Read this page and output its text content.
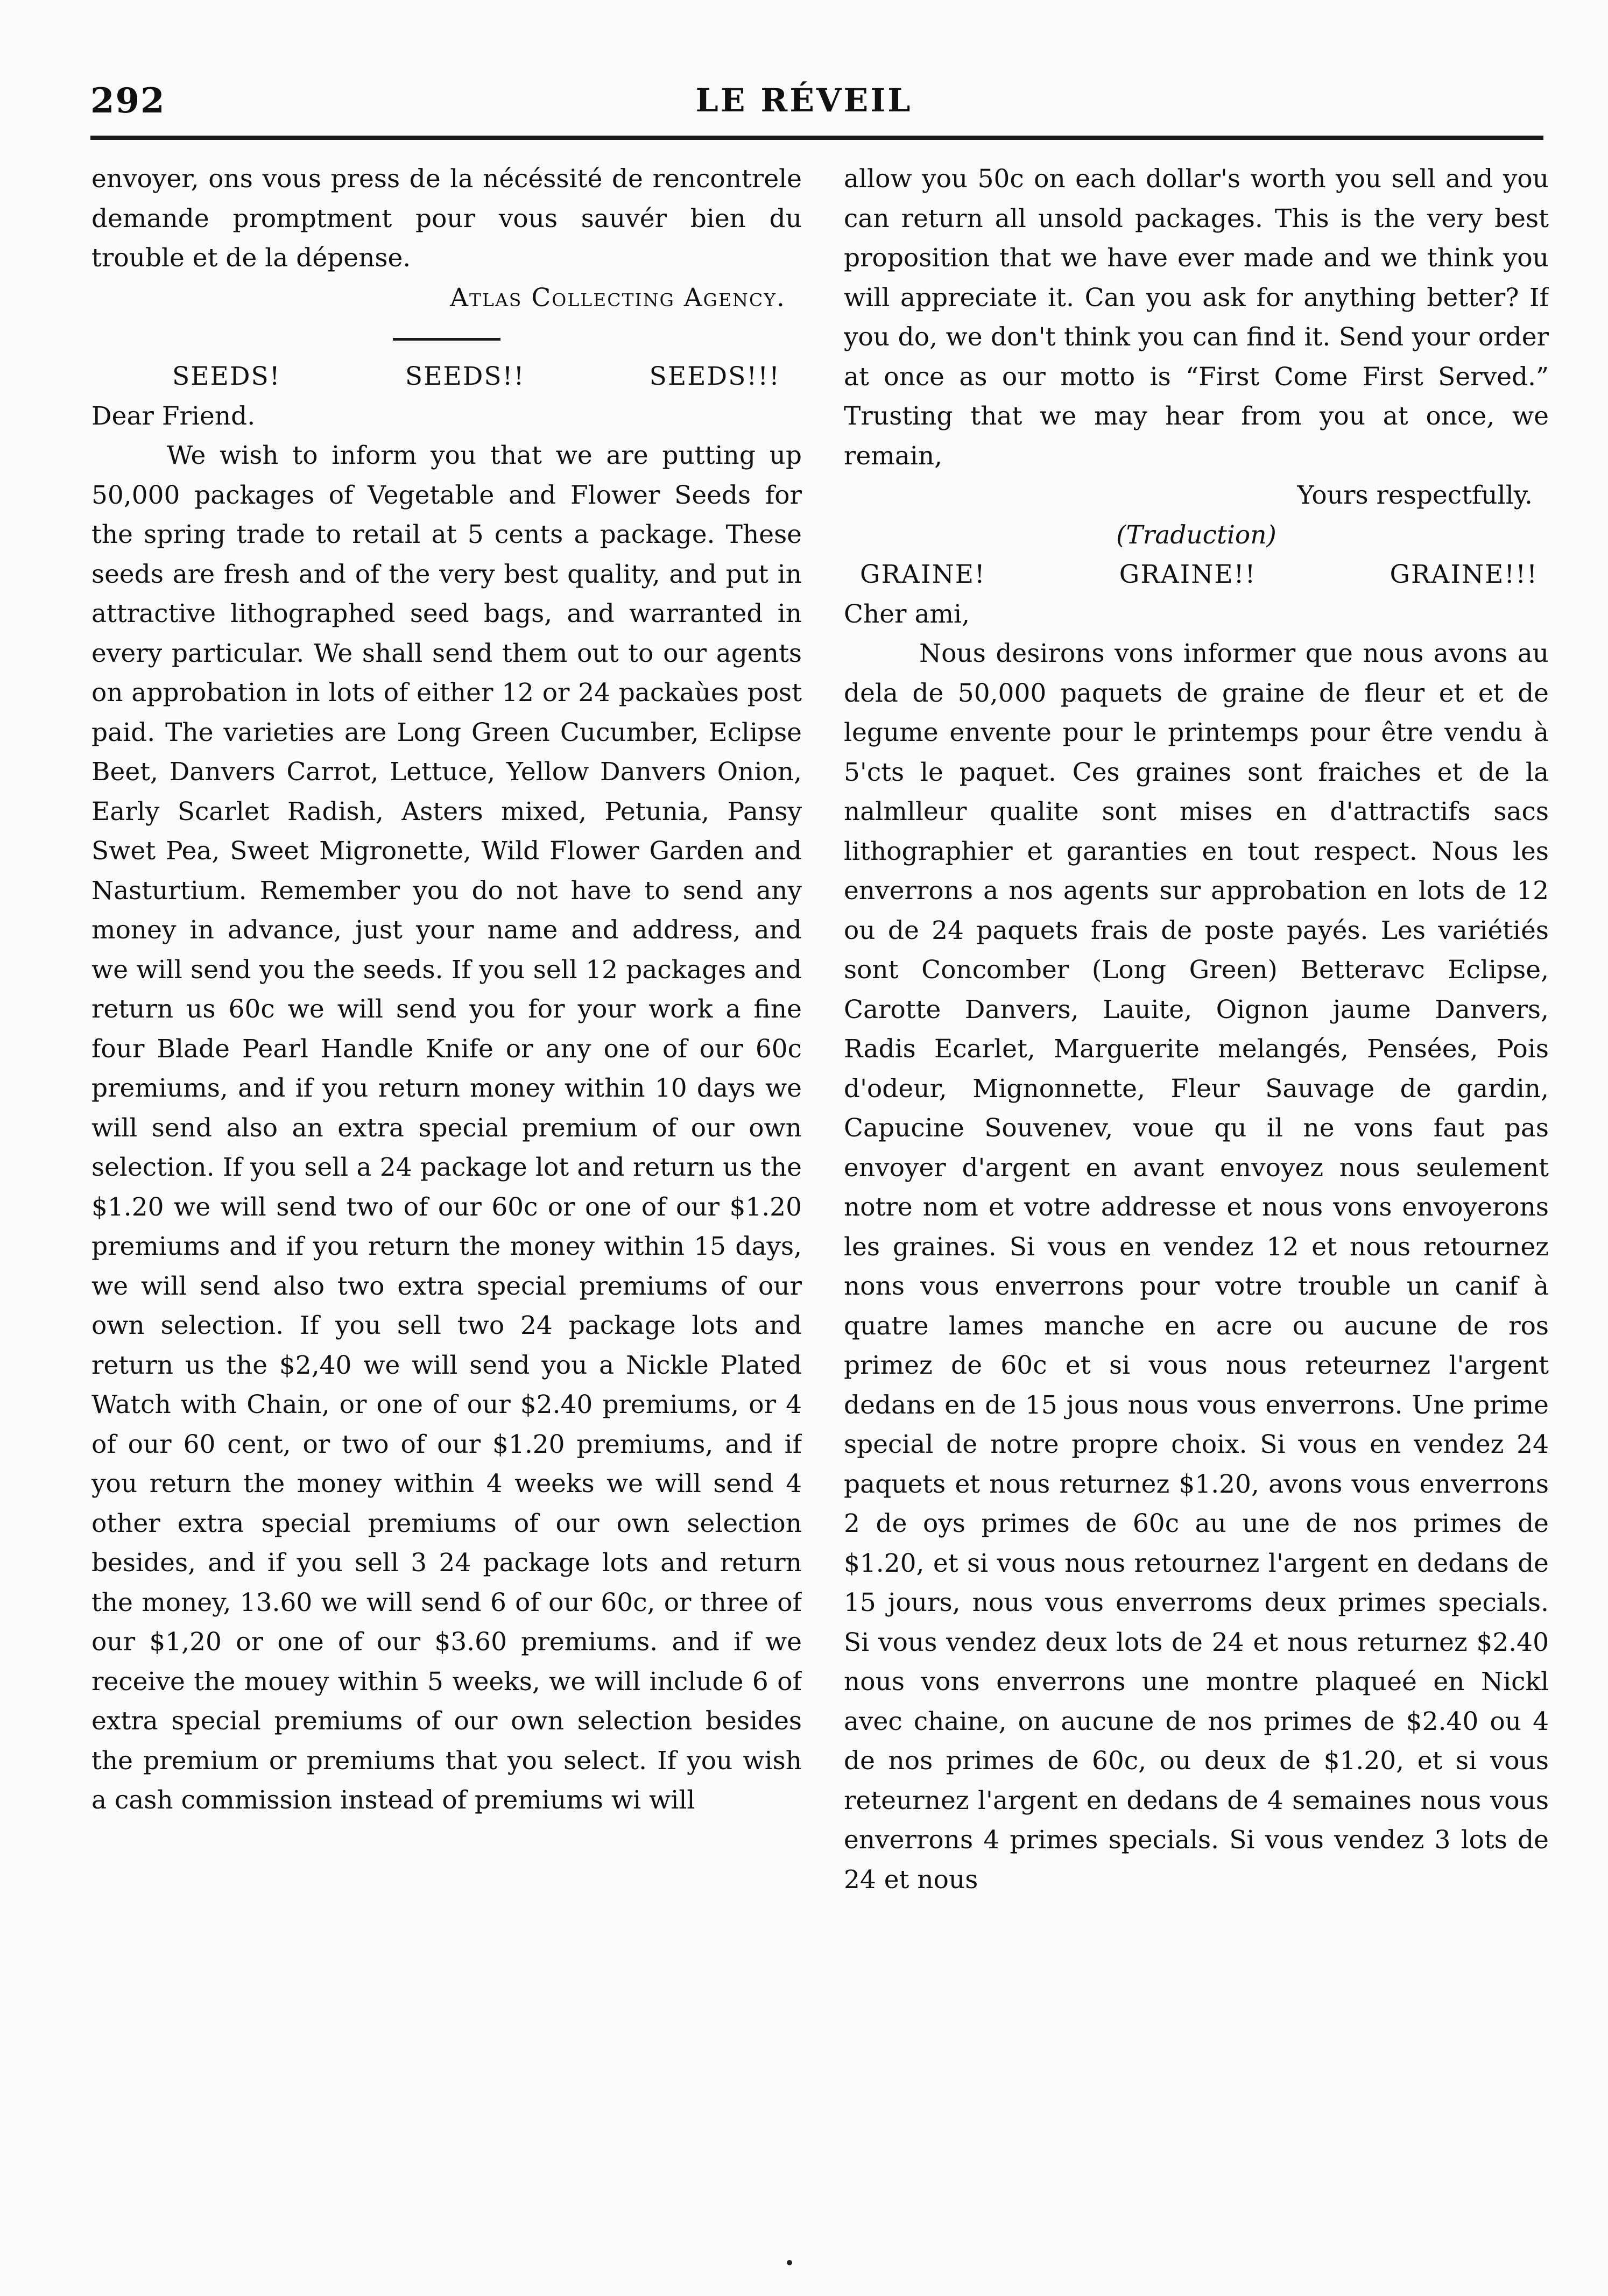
292	LE RÉVEIL

envoyer, ons vous press de la nécéssité de rencontrele demande promptment pour vous sauvér bien du trouble et de la dépense.

Atlas Collecting Agency.

SEEDS!	SEEDS!!	SEEDS!!!

Dear Friend.

We wish to inform you that we are putting up 50,000 packages of Vegetable and Flower Seeds for the spring trade to retail at 5 cents a package. These seeds are fresh and of the very best quality, and put in attractive lithographed seed bags, and warranted in every particular. We shall send them out to our agents on approbation in lots of either 12 or 24 packaùes post paid. The varieties are Long Green Cucumber, Eclipse Beet, Danvers Carrot, Lettuce, Yellow Danvers Onion, Early Scarlet Radish, Asters mixed, Petunia, Pansy Swet Pea, Sweet Migronette, Wild Flower Garden and Nasturtium. Remember you do not have to send any money in advance, just your name and address, and we will send you the seeds. If you sell 12 packages and return us 60c we will send you for your work a fine four Blade Pearl Handle Knife or any one of our 60c premiums, and if you return money within 10 days we will send also an extra special premium of our own selection. If you sell a 24 package lot and return us the $1.20 we will send two of our 60c or one of our $1.20 premiums and if you return the money within 15 days, we will send also two extra special premiums of our own selection. If you sell two 24 package lots and return us the $2,40 we will send you a Nickle Plated Watch with Chain, or one of our $2.40 premiums, or 4 of our 60 cent, or two of our $1.20 premiums, and if you return the money within 4 weeks we will send 4 other extra special premiums of our own selection besides, and if you sell 3 24 package lots and return the money, 13.60 we will send 6 of our 60c, or three of our $1,20 or one of our $3.60 premiums. and if we receive the mouey within 5 weeks, we will include 6 of extra special premiums of our own selection besides the premium or premiums that you select. If you wish a cash commission instead of premiums wi will

allow you 50c on each dollar's worth you sell and you can return all unsold packages. This is the very best proposition that we have ever made and we think you will appreciate it. Can you ask for anything better? If you do, we don't think you can find it. Send your order at once as our motto is “First Come First Served.” Trusting that we may hear from you at once, we remain,

Yours respectfully.

(Traduction)

GRAINE!	GRAINE!!	GRAINE!!!

Cher ami,

Nous desirons vons informer que nous avons au dela de 50,000 paquets de graine de fleur et et de legume envente pour le printemps pour être vendu à 5'cts le paquet. Ces graines sont fraiches et de la nalmlleur qualite sont mises en d'attractifs sacs lithographier et garanties en tout respect. Nous les enverrons a nos agents sur approbation en lots de 12 ou de 24 paquets frais de poste payés. Les variétiés sont Concomber (Long Green) Betteravc Eclipse, Carotte Danvers, Lauite, Oignon jaume Danvers, Radis Ecarlet, Marguerite melangés, Pensées, Pois d'odeur, Mignonnette, Fleur Sauvage de gardin, Capucine Souvenev, voue qu il ne vons faut pas envoyer d'argent en avant envoyez nous seulement notre nom et votre addresse et nous vons envoyerons les graines. Si vous en vendez 12 et nous retournez nons vous enverrons pour votre trouble un canif à quatre lames manche en acre ou aucune de ros primez de 60c et si vous nous reteurnez l'argent dedans en de 15 jous nous vous enverrons. Une prime special de notre propre choix. Si vous en vendez 24 paquets et nous returnez $1.20, avons vous enverrons 2 de oys primes de 60c au une de nos primes de $1.20, et si vous nous retournez l'argent en dedans de 15 jours, nous vous enverroms deux primes specials. Si vous vendez deux lots de 24 et nous returnez $2.40 nous vons enverrons une montre plaqueé en Nickl avec chaine, on aucune de nos primes de $2.40 ou 4 de nos primes de 60c, ou deux de $1.20, et si vous reteurnez l'argent en dedans de 4 semaines nous vous enverrons 4 primes specials. Si vous vendez 3 lots de 24 et nous
